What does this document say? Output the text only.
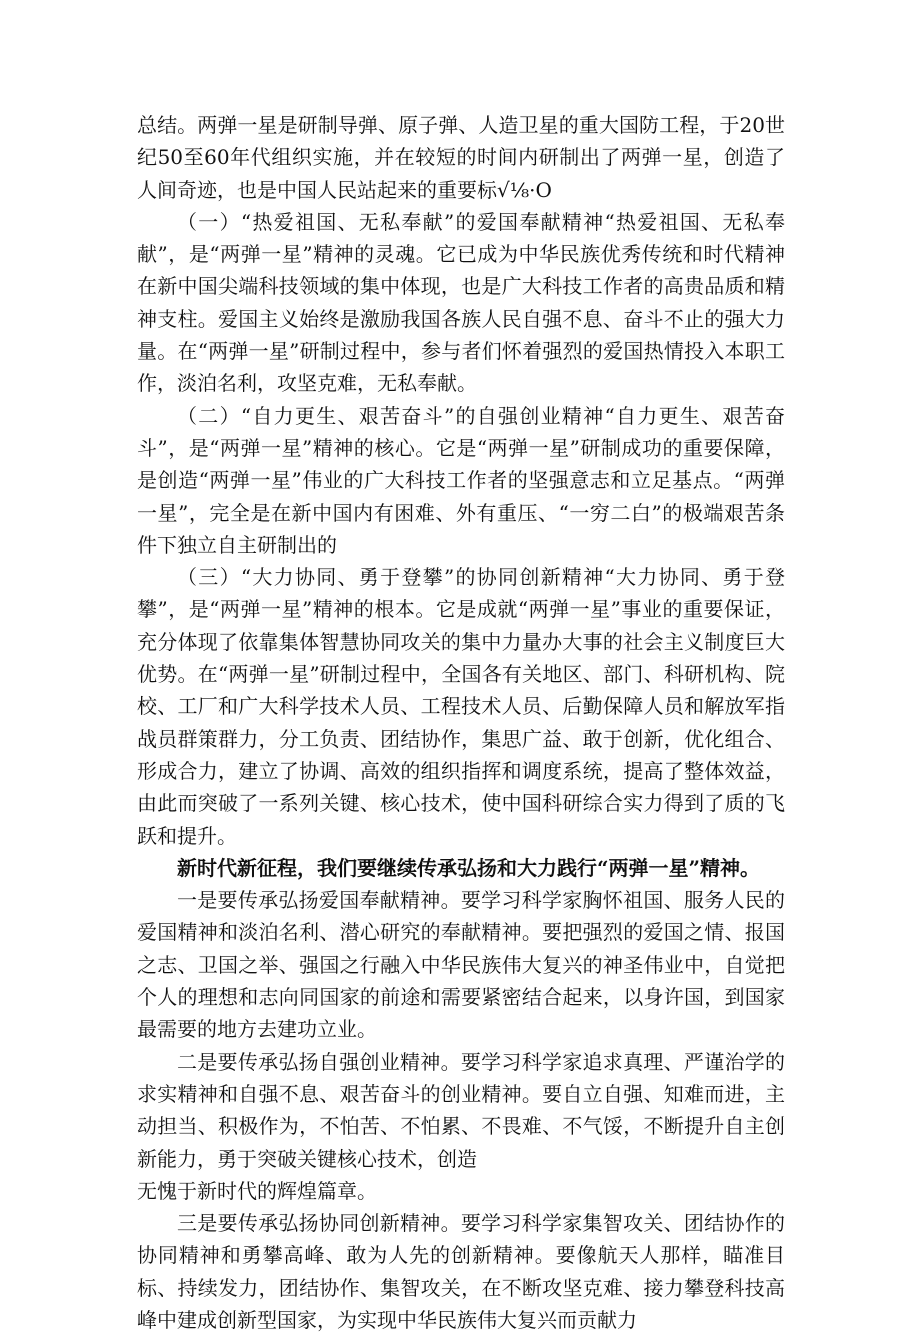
总结。两弹一星是研制导弹、原子弹、人造卫星的重大国防工程，于20世纪50至60年代组织实施，并在较短的时间内研制出了两弹一星，创造了人间奇迹，也是中国人民站起来的重要标√⅛·O

（一）“热爱祖国、无私奉献”的爱国奉献精神“热爱祖国、无私奉献”，是“两弹一星”精神的灵魂。它已成为中华民族优秀传统和时代精神在新中国尖端科技领域的集中体现，也是广大科技工作者的高贵品质和精神支柱。爱国主义始终是激励我国各族人民自强不息、奋斗不止的强大力量。在“两弹一星”研制过程中，参与者们怀着强烈的爱国热情投入本职工作，淡泊名利，攻坚克难，无私奉献。

（二）“自力更生、艰苦奋斗”的自强创业精神“自力更生、艰苦奋斗”，是“两弹一星”精神的核心。它是“两弹一星”研制成功的重要保障，是创造“两弹一星”伟业的广大科技工作者的坚强意志和立足基点。“两弹一星”，完全是在新中国内有困难、外有重压、“一穷二白”的极端艰苦条件下独立自主研制出的

（三）“大力协同、勇于登攀”的协同创新精神“大力协同、勇于登攀”，是“两弹一星”精神的根本。它是成就“两弹一星”事业的重要保证，充分体现了依靠集体智慧协同攻关的集中力量办大事的社会主义制度巨大优势。在“两弹一星”研制过程中，全国各有关地区、部门、科研机构、院校、工厂和广大科学技术人员、工程技术人员、后勤保障人员和解放军指战员群策群力，分工负责、团结协作，集思广益、敢于创新，优化组合、形成合力，建立了协调、高效的组织指挥和调度系统，提高了整体效益，由此而突破了一系列关键、核心技术，使中国科研综合实力得到了质的飞跃和提升。

新时代新征程，我们要继续传承弘扬和大力践行“两弹一星”精神。

一是要传承弘扬爱国奉献精神。要学习科学家胸怀祖国、服务人民的爱国精神和淡泊名利、潜心研究的奉献精神。要把强烈的爱国之情、报国之志、卫国之举、强国之行融入中华民族伟大复兴的神圣伟业中，自觉把个人的理想和志向同国家的前途和需要紧密结合起来，以身许国，到国家最需要的地方去建功立业。

二是要传承弘扬自强创业精神。要学习科学家追求真理、严谨治学的求实精神和自强不息、艰苦奋斗的创业精神。要自立自强、知难而进，主动担当、积极作为，不怕苦、不怕累、不畏难、不气馁，不断提升自主创新能力，勇于突破关键核心技术，创造

无愧于新时代的辉煌篇章。

三是要传承弘扬协同创新精神。要学习科学家集智攻关、团结协作的协同精神和勇攀高峰、敢为人先的创新精神。要像航天人那样，瞄准目标、持续发力，团结协作、集智攻关，在不断攻坚克难、接力攀登科技高峰中建成创新型国家，为实现中华民族伟大复兴而贡献力
